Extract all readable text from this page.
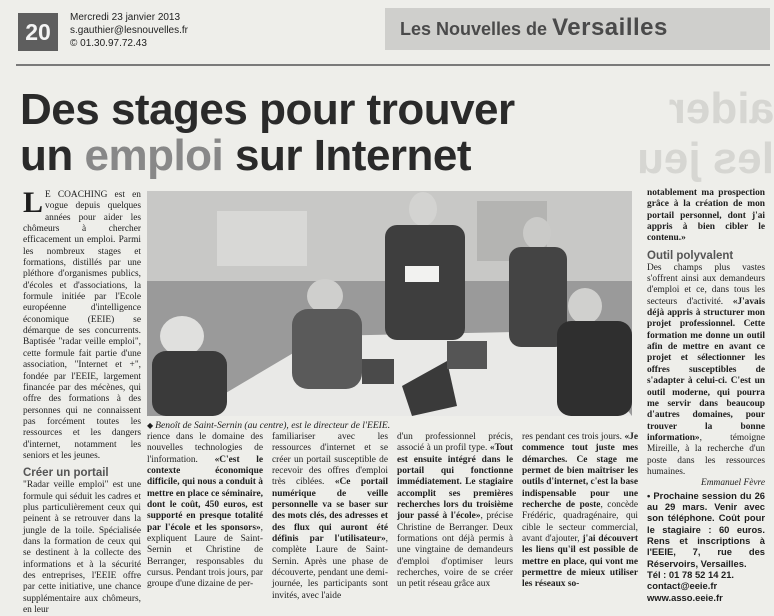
20
Mercredi 23 janvier 2013
s.gauthier@lesnouvelles.fr
© 01.30.97.72.43
Les Nouvelles de Versailles
aider les jeu
Des stages pour trouver
un emploi sur Internet
L E COACHING est en vogue depuis quelques années pour aider les chômeurs à chercher efficacement un emploi. Parmi les nombreux stages et formations, distillés par une pléthore d'organismes publics, d'écoles et d'associations, la formule initiée par l'Ecole européenne d'intelligence économique (EEIE) se démarque de ses concurrents. Baptisée "radar veille emploi", cette formule fait partie d'une association, "Internet et +", fondée par l'EEIE, largement financée par des mécènes, qui offre des formations à des personnes qui ne connaissent pas forcément toutes les ressources et les dangers d'internet, notamment les seniors et les jeunes.
Créer un portail
"Radar veille emploi" est une formule qui séduit les cadres et plus particulièrement ceux qui peinent à se retrouver dans la jungle de la toile. Spécialisée dans la formation de ceux qui se destinent à la collecte des informations et à la sécurité des entreprises, l'EEIE offre par cette initiative, une chance supplémentaire aux chômeurs, en leur
◆ Benoît de Saint-Sernin (au centre), est le directeur de l'EEIE.
rience dans le domaine des nouvelles technologies de l'information. «C'est le contexte économique difficile, qui nous a conduit à mettre en place ce séminaire, dont le coût, 450 euros, est supporté en presque totalité par l'école et les sponsors», expliquent Laure de Saint-Sernin et Christine de Berranger, responsables du cursus. Pendant trois jours, par groupe d'une dizaine de per-
familiariser avec les ressources d'internet et se créer un portail susceptible de recevoir des offres d'emploi très ciblées. «Ce portail numérique de veille personnelle va se baser sur des mots clés, des adresses et des flux qui auront été définis par l'utilisateur», complète Laure de Saint-Sernin. Après une phase de découverte, pendant une demi-journée, les participants sont invités, avec l'aide
d'un professionnel précis, associé à un profil type. «Tout est ensuite intégré dans le portail qui fonctionne immédiatement. Le stagiaire accomplit ses premières recherches lors du troisième jour passé à l'école», précise Christine de Berranger. Deux formations ont déjà permis à une vingtaine de demandeurs d'emploi d'optimiser leurs recherches, voire de se créer un petit réseau grâce aux
res pendant ces trois jours. «Je commence tout juste mes démarches. Ce stage me permet de bien maîtriser les outils d'internet, c'est la base indispensable pour une recherche de poste, concède Frédéric, quadragénaire, qui cible le secteur commercial, avant d'ajouter, j'ai découvert les liens qu'il est possible de mettre en place, qui vont me permettre de mieux utiliser les réseaux so-
notablement ma prospection grâce à la création de mon portail personnel, dont j'ai appris à bien cibler le contenu.»
Outil polyvalent
Des champs plus vastes s'offrent ainsi aux demandeurs d'emploi et ce, dans tous les secteurs d'activité. «J'avais déjà appris à structurer mon projet professionnel. Cette formation me donne un outil afin de mettre en avant ce projet et sélectionner les offres susceptibles de s'adapter à celui-ci. C'est un outil moderne, qui pourra me servir dans beaucoup d'autres domaines, pour trouver la bonne information», témoigne Mireille, à la recherche d'un poste dans les ressources humaines.
Emmanuel Fèvre
• Prochaine session du 26 au 29 mars. Venir avec son téléphone. Coût pour le stagiaire : 60 euros. Rens et inscriptions à l'EEIE, 7, rue des Réservoirs, Versailles.
Tél : 01 78 52 14 21.
contact@eeie.fr
www.asso.eeie.fr
